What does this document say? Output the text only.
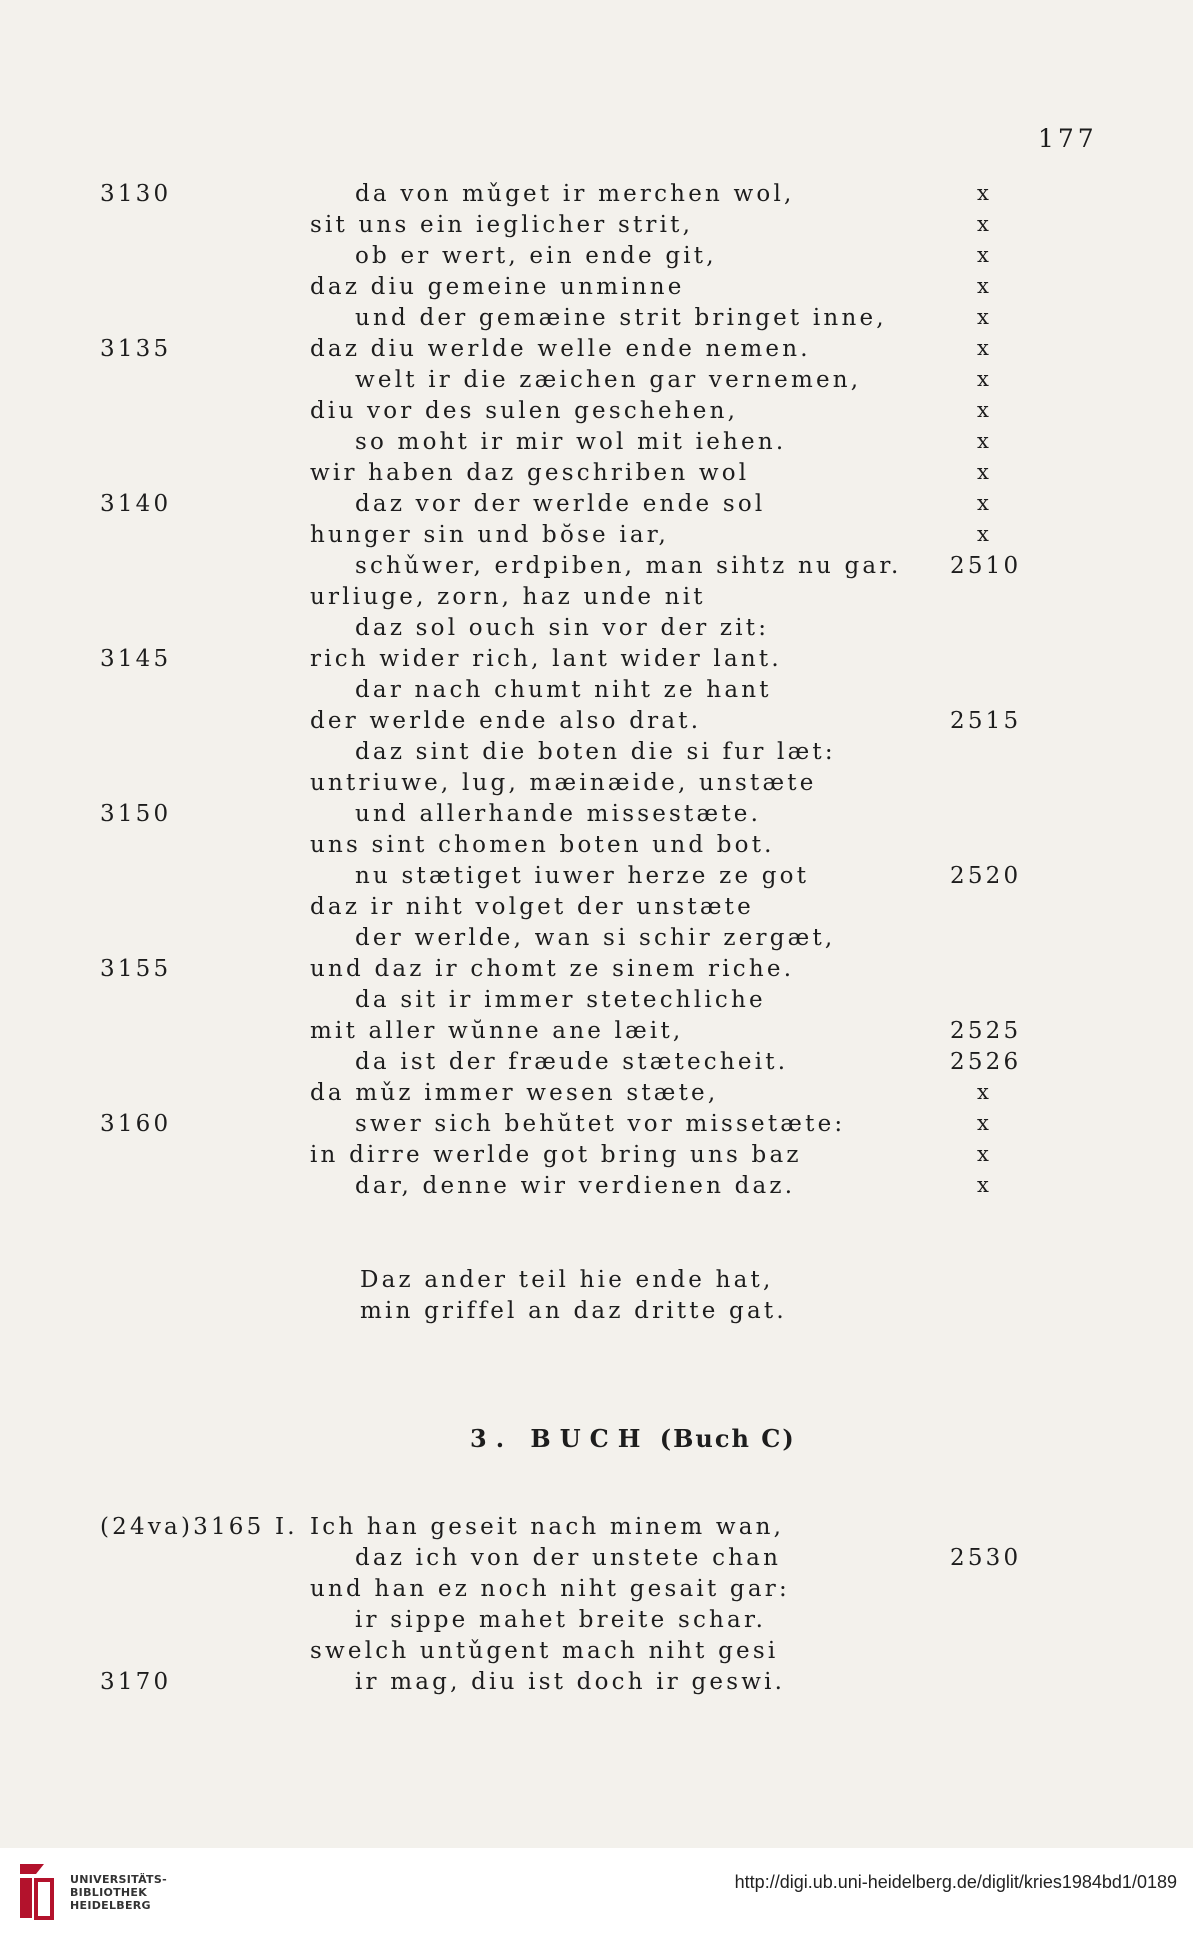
177
3130	da von mǔget ir merchen wol,	x
sit uns ein ieglicher strit,	x
ob er wert, ein ende git,	x
daz diu gemeine unminne	x
und der gemæine strit bringet inne,	x
3135	daz diu werlde welle ende nemen.	x
welt ir die zæichen gar vernemen,	x
diu vor des sulen geschehen,	x
so moht ir mir wol mit iehen.	x
wir haben daz geschriben wol	x
3140	daz vor der werlde ende sol	x
hunger sin und bŏse iar,	x
schǔwer, erdpiben, man sihtz nu gar. 2510
urliuge, zorn, haz unde nit
daz sol ouch sin vor der zit:
3145	rich wider rich, lant wider lant.
dar nach chumt niht ze hant
der werlde ende also drat.	2515
daz sint die boten die si fur læt:
untriuwe, lug, mæinæide, unstæte
3150	und allerhande missestæte.
uns sint chomen boten und bot.
nu stætiget iuwer herze ze got	2520
daz ir niht volget der unstæte
der werlde, wan si schir zergæt,
3155	und daz ir chomt ze sinem riche.
da sit ir immer stetechliche
mit aller wŭnne ane læit,	2525
da ist der fræude stætecheit.	2526
da mǔz immer wesen stæte,	x
3160	swer sich behŭtet vor missetæte:	x
in dirre werlde got bring uns baz	x
dar, denne wir verdienen daz.	x
Daz ander teil hie ende hat,
min griffel an daz dritte gat.
3. BUCH (Buch C)
(24va)3165 I. Ich han geseit nach minem wan,
daz ich von der unstete chan	2530
und han ez noch niht gesait gar:
ir sippe mahet breite schar.
swelch untǔgent mach niht gesi
3170	ir mag, diu ist doch ir geswi.
UNIVERSITÄTS-
BIBLIOTHEK
HEIDELBERG
http://digi.ub.uni-heidelberg.de/diglit/kries1984bd1/0189
